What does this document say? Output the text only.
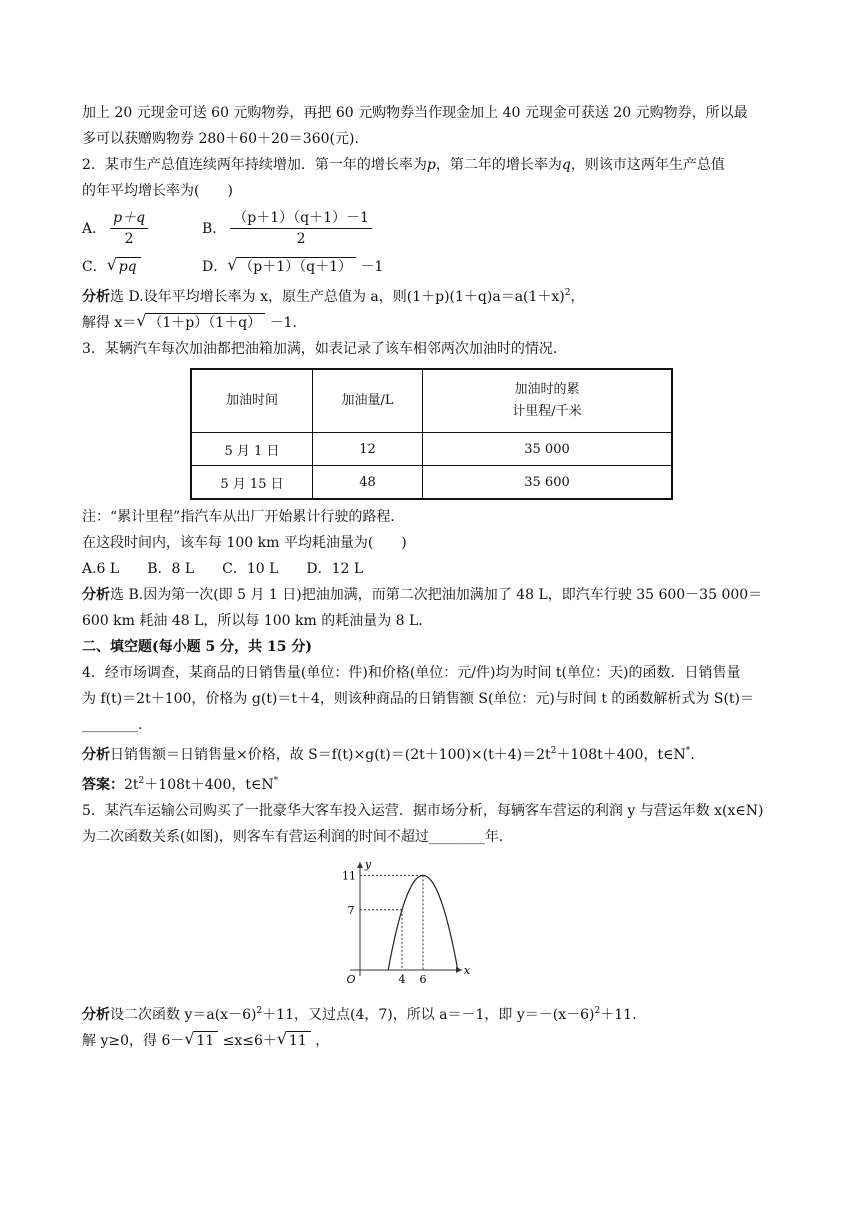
加上 20 元现金可送 60 元购物券，再把 60 元购物券当作现金加上 40 元现金可获送 20 元购物券，所以最
多可以获赠购物券 280＋60＋20＝360(元).
2．某市生产总值连续两年持续增加．第一年的增长率为p，第二年的增长率为q，则该市这两年生产总值
的年平均增长率为(　　)
A． $\frac{p+q}{2}$	B． $\frac{(p+1)(q+1)-1}{2}$
C． √ pq	D． √ （p＋1）（q＋1）
－1
分析选 D.设年平均增长率为 x，原生产总值为 a，则$(1+p)(1+q)a=a(1+x)^2$，
解得 x＝ √ （1＋p）（1＋q） －1.
3．某辆汽车每次加油都把油箱加满，如表记录了该车相邻两次加油时的情况．
加油时间	加油量/L	加油时的累
计里程/千米
5 月 1 日	12	35 000
5 月 15 日	48	35 600
注：“累计里程”指汽车从出厂开始累计行驶的路程．
在这段时间内，该车每 100 km 平均耗油量为(　　)
A.6 L　　B．8 L　　C．10 L　　D．12 L
分析选 B.因为第一次(即 5 月 1 日)把油加满，而第二次把油加满加了 48 L，即汽车行驶 35 600－35 000＝
600 km 耗油 48 L，所以每 100 km 的耗油量为 8 L．
二、填空题(每小题 5 分，共 15 分)
4．经市场调查，某商品的日销售量(单位：件)和价格(单位：元/件)均为时间 t(单位：天)的函数．日销售量
为 f(t)＝2t＋100，价格为 g(t)＝t＋4，则该种商品的日销售额 S(单位：元)与时间 t 的函数解析式为 S(t)＝
________.
分析日销售额＝日销售量×价格，故 $S=f(t)\times g(t)=(2t+100)\times(t+4)=2t^2+108t+400$，t∈N*.
答案：$2t^2+108t+400$，t∈N*
5．某汽车运输公司购买了一批豪华大客车投入运营．据市场分析，每辆客车营运的利润 y 与营运年数 x(x∈N)
为二次函数关系(如图)，则客车有营运利润的时间不超过________年．
x
y
O	4 6
7
11
分析设二次函数 $y=a(x-6)^2+11$，又过点(4，7)，所以 a＝－1，即 $y=-(x-6)^2+11$.
解 y≥0，得 6－ √ 11 ≤x≤6＋ √ 11 ，
